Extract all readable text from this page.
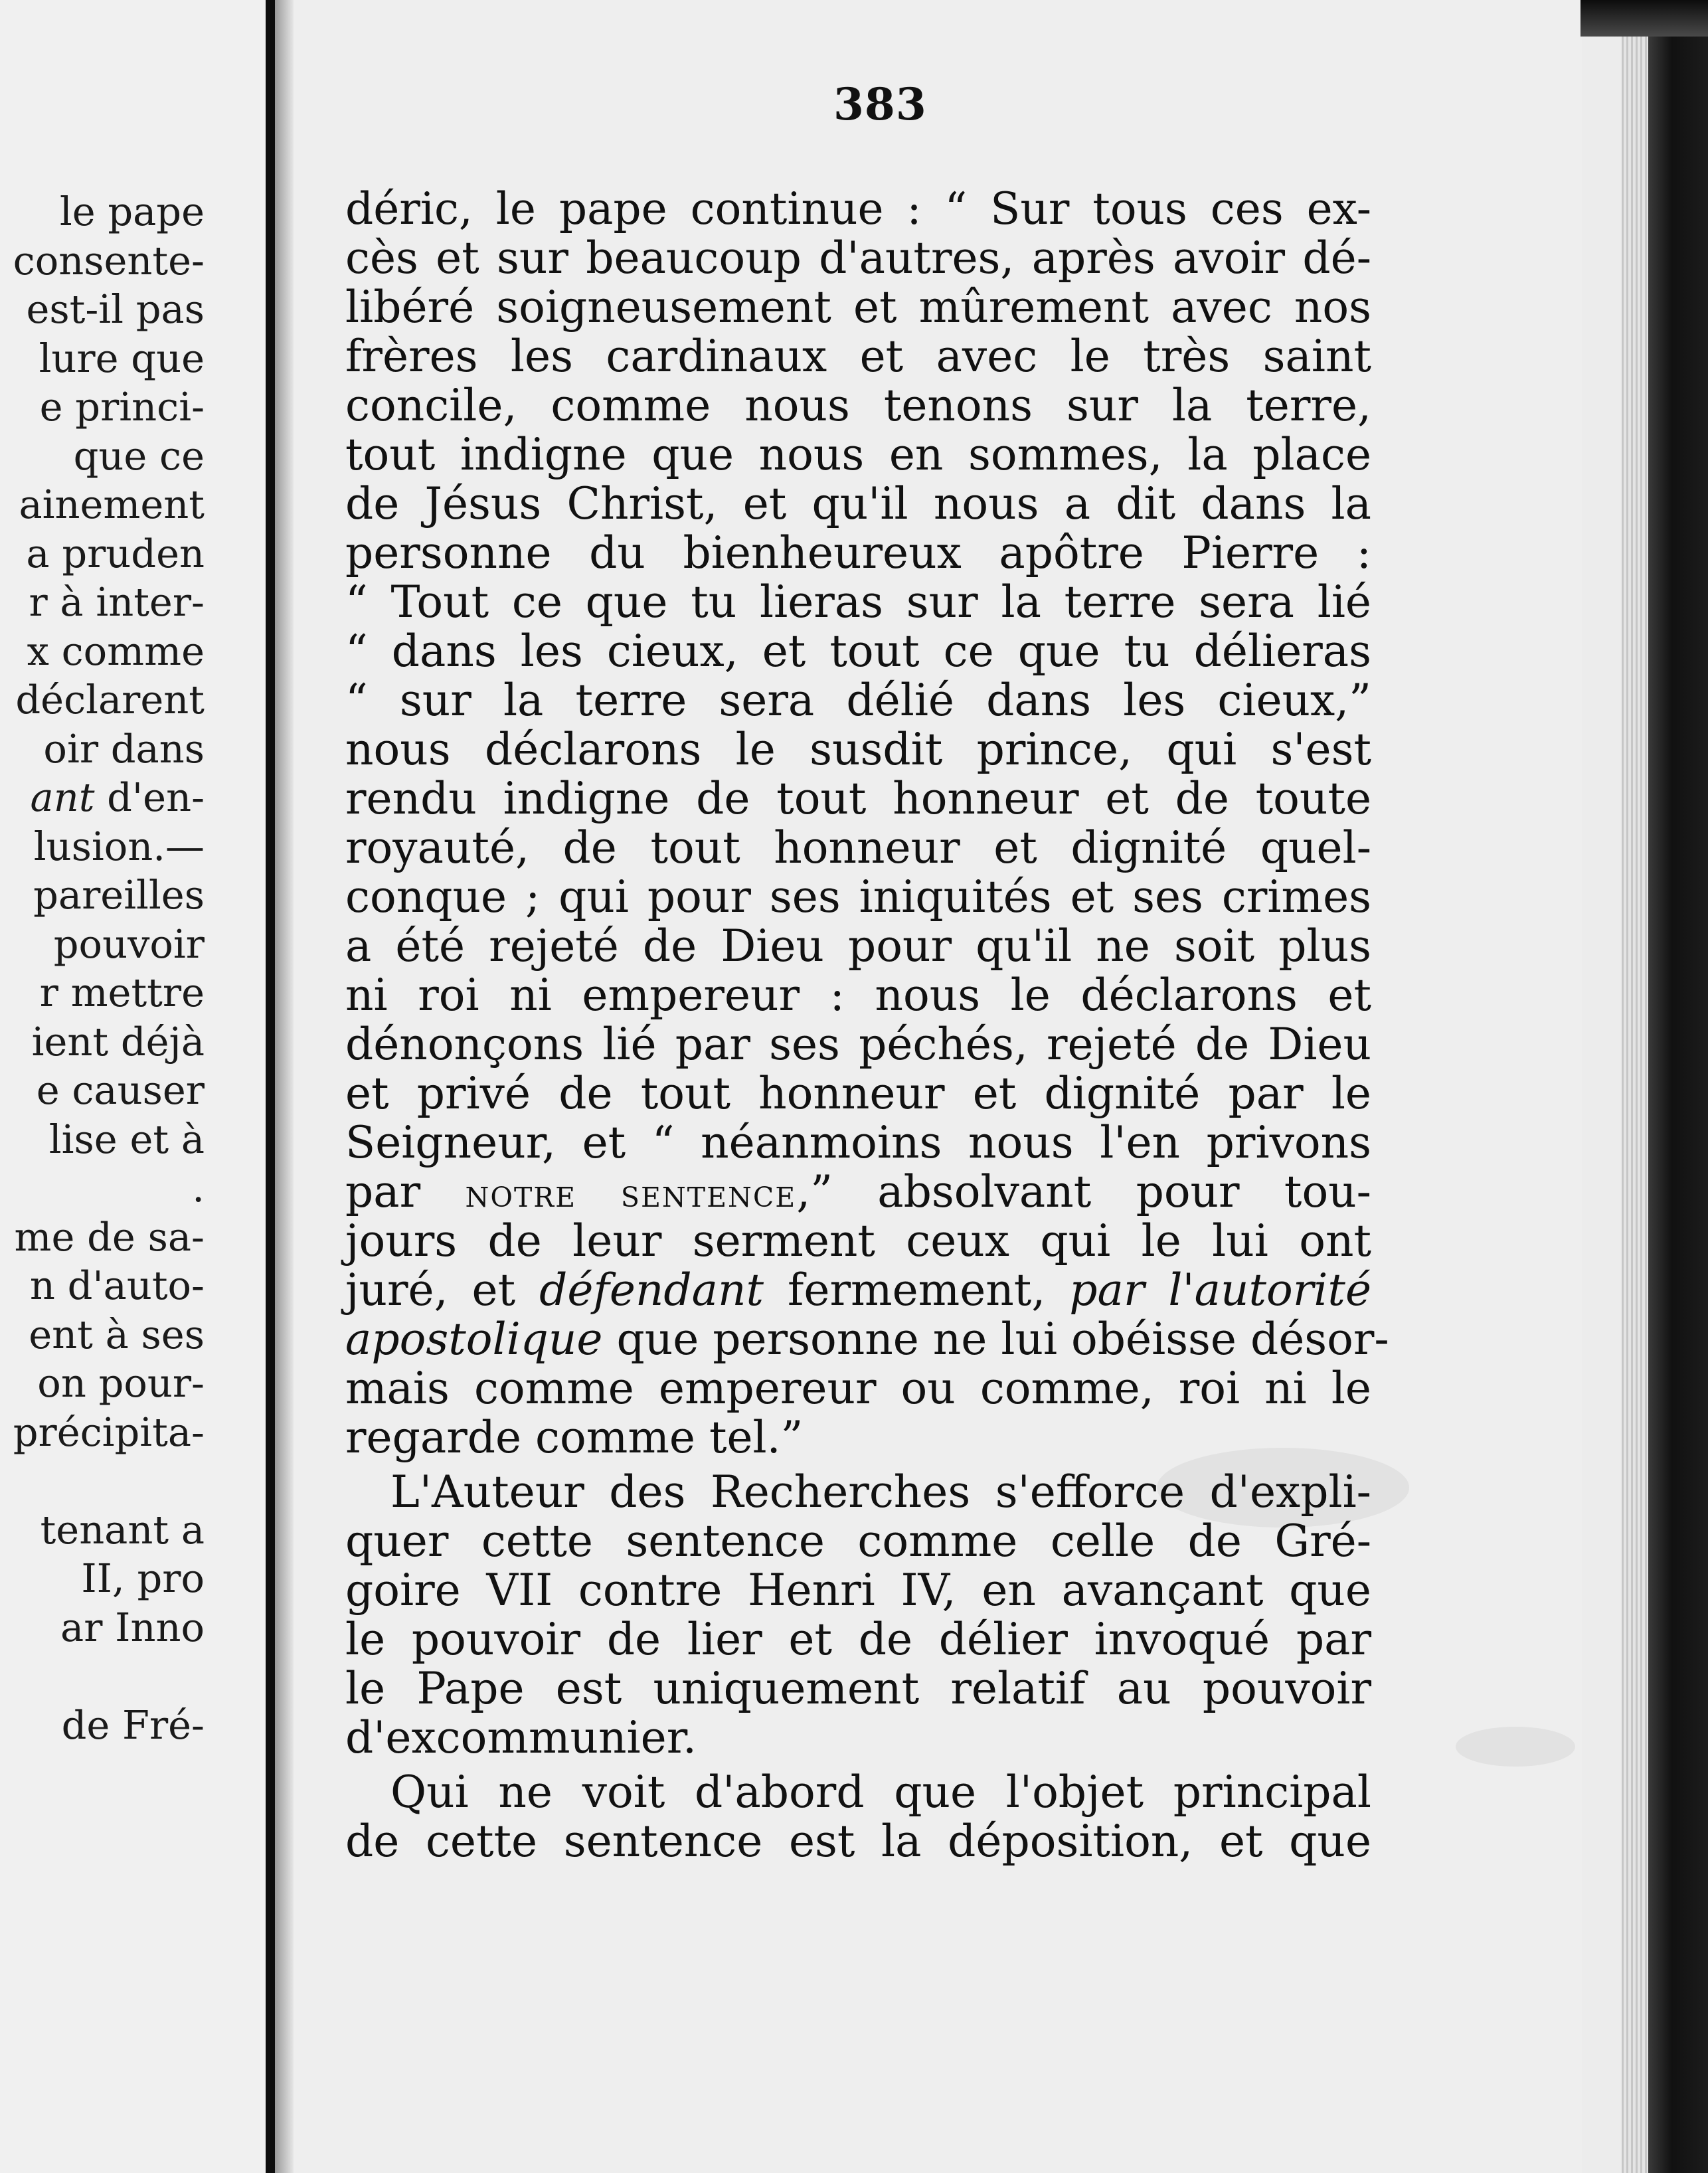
le pape
consente-
est-il pas
lure que
e princi-
que ce
ainement
a pruden
r à inter-
x comme
déclarent
oir dans
ant d'en-
lusion.—
pareilles
pouvoir
r mettre
ient déjà
e causer
lise et à
.
me de sa-
n d'auto-
ent à ses
on pour-
précipita-
tenant a
II, pro
ar Inno
de Fré-
383
déric, le pape continue : “ Sur tous ces ex-
cès et sur beaucoup d'autres, après avoir dé-
libéré soigneusement et mûrement avec nos
frères les cardinaux et avec le très saint
concile, comme nous tenons sur la terre,
tout indigne que nous en sommes, la place
de Jésus Christ, et qu'il nous a dit dans la
personne du bienheureux apôtre Pierre :
“ Tout ce que tu lieras sur la terre sera lié
“ dans les cieux, et tout ce que tu délieras
“ sur la terre sera délié dans les cieux,”
nous déclarons le susdit prince, qui s'est
rendu indigne de tout honneur et de toute
royauté, de tout honneur et dignité quel-
conque ; qui pour ses iniquités et ses crimes
a été rejeté de Dieu pour qu'il ne soit plus
ni roi ni empereur : nous le déclarons et
dénonçons lié par ses péchés, rejeté de Dieu
et privé de tout honneur et dignité par le
Seigneur, et “ néanmoins nous l'en privons
par notre sentence,” absolvant pour tou-
jours de leur serment ceux qui le lui ont
juré, et défendant fermement, par l'autorité
apostolique que personne ne lui obéisse désor-
mais comme empereur ou comme, roi ni le
regarde comme tel.”
L'Auteur des Recherches s'efforce d'expli-
quer cette sentence comme celle de Gré-
goire VII contre Henri IV, en avançant que
le pouvoir de lier et de délier invoqué par
le Pape est uniquement relatif au pouvoir
d'excommunier.
Qui ne voit d'abord que l'objet principal
de cette sentence est la déposition, et que
